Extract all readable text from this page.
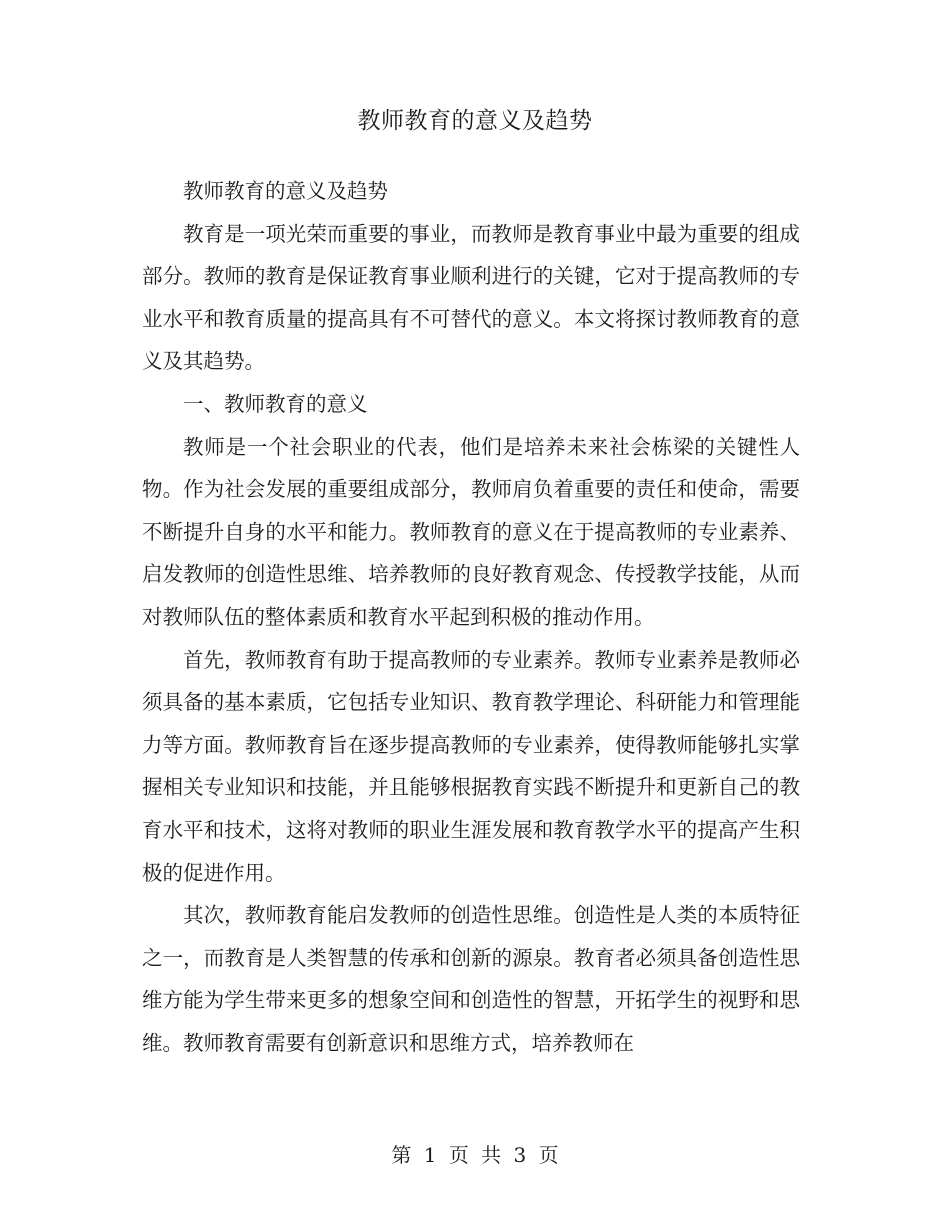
教师教育的意义及趋势

教师教育的意义及趋势

教育是一项光荣而重要的事业，而教师是教育事业中最为重要的组成部分。教师的教育是保证教育事业顺利进行的关键，它对于提高教师的专业水平和教育质量的提高具有不可替代的意义。本文将探讨教师教育的意义及其趋势。

一、教师教育的意义

教师是一个社会职业的代表，他们是培养未来社会栋梁的关键性人物。作为社会发展的重要组成部分，教师肩负着重要的责任和使命，需要不断提升自身的水平和能力。教师教育的意义在于提高教师的专业素养、启发教师的创造性思维、培养教师的良好教育观念、传授教学技能，从而对教师队伍的整体素质和教育水平起到积极的推动作用。

首先，教师教育有助于提高教师的专业素养。教师专业素养是教师必须具备的基本素质，它包括专业知识、教育教学理论、科研能力和管理能力等方面。教师教育旨在逐步提高教师的专业素养，使得教师能够扎实掌握相关专业知识和技能，并且能够根据教育实践不断提升和更新自己的教育水平和技术，这将对教师的职业生涯发展和教育教学水平的提高产生积极的促进作用。

其次，教师教育能启发教师的创造性思维。创造性是人类的本质特征之一，而教育是人类智慧的传承和创新的源泉。教育者必须具备创造性思维方能为学生带来更多的想象空间和创造性的智慧，开拓学生的视野和思维。教师教育需要有创新意识和思维方式，培养教师在

第 1 页 共 3 页
